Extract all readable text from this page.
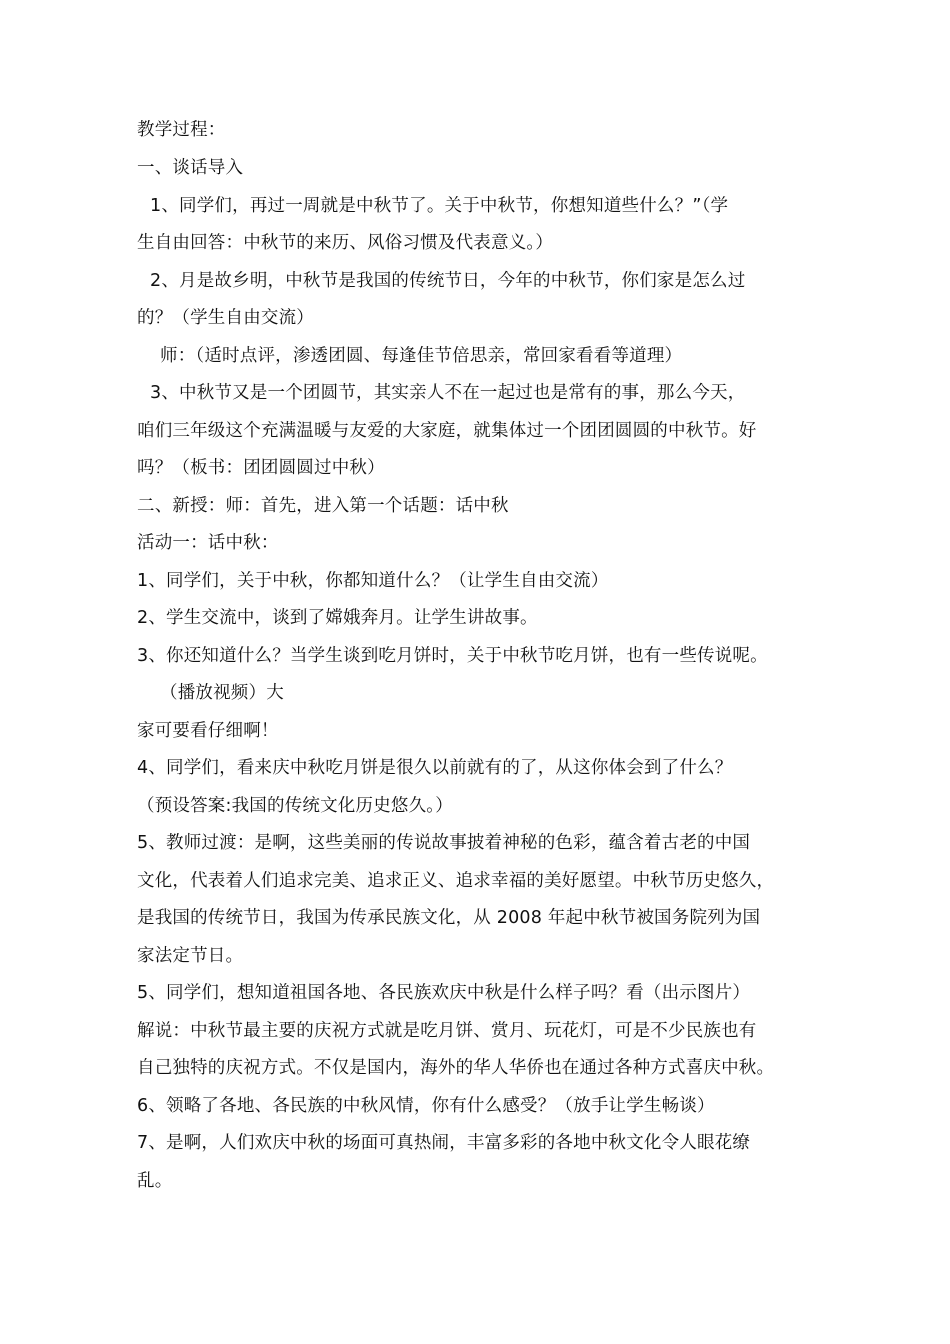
教学过程：
一、谈话导入
1、同学们，再过一周就是中秋节了。关于中秋节，你想知道些什么？”（学
生自由回答：中秋节的来历、风俗习惯及代表意义。）
2、月是故乡明，中秋节是我国的传统节日，今年的中秋节，你们家是怎么过
的？（学生自由交流）
师：（适时点评，渗透团圆、每逢佳节倍思亲，常回家看看等道理）
3、中秋节又是一个团圆节，其实亲人不在一起过也是常有的事，那么今天，
咱们三年级这个充满温暖与友爱的大家庭，就集体过一个团团圆圆的中秋节。好
吗？（板书：团团圆圆过中秋）
二、新授：师：首先，进入第一个话题：话中秋
活动一：话中秋：
1、同学们，关于中秋，你都知道什么？（让学生自由交流）
2、学生交流中，谈到了嫦娥奔月。让学生讲故事。
3、你还知道什么？当学生谈到吃月饼时，关于中秋节吃月饼，也有一些传说呢。
（播放视频）大
家可要看仔细啊！
4、同学们，看来庆中秋吃月饼是很久以前就有的了，从这你体会到了什么？
（预设答案:我国的传统文化历史悠久。）
5、教师过渡：是啊，这些美丽的传说故事披着神秘的色彩，蕴含着古老的中国
文化，代表着人们追求完美、追求正义、追求幸福的美好愿望。中秋节历史悠久，
是我国的传统节日，我国为传承民族文化，从 2008 年起中秋节被国务院列为国
家法定节日。
5、同学们，想知道祖国各地、各民族欢庆中秋是什么样子吗？看（出示图片）
解说：中秋节最主要的庆祝方式就是吃月饼、赏月、玩花灯，可是不少民族也有
自己独特的庆祝方式。不仅是国内，海外的华人华侨也在通过各种方式喜庆中秋。
6、领略了各地、各民族的中秋风情，你有什么感受？（放手让学生畅谈）
7、是啊，人们欢庆中秋的场面可真热闹，丰富多彩的各地中秋文化令人眼花缭
乱。
